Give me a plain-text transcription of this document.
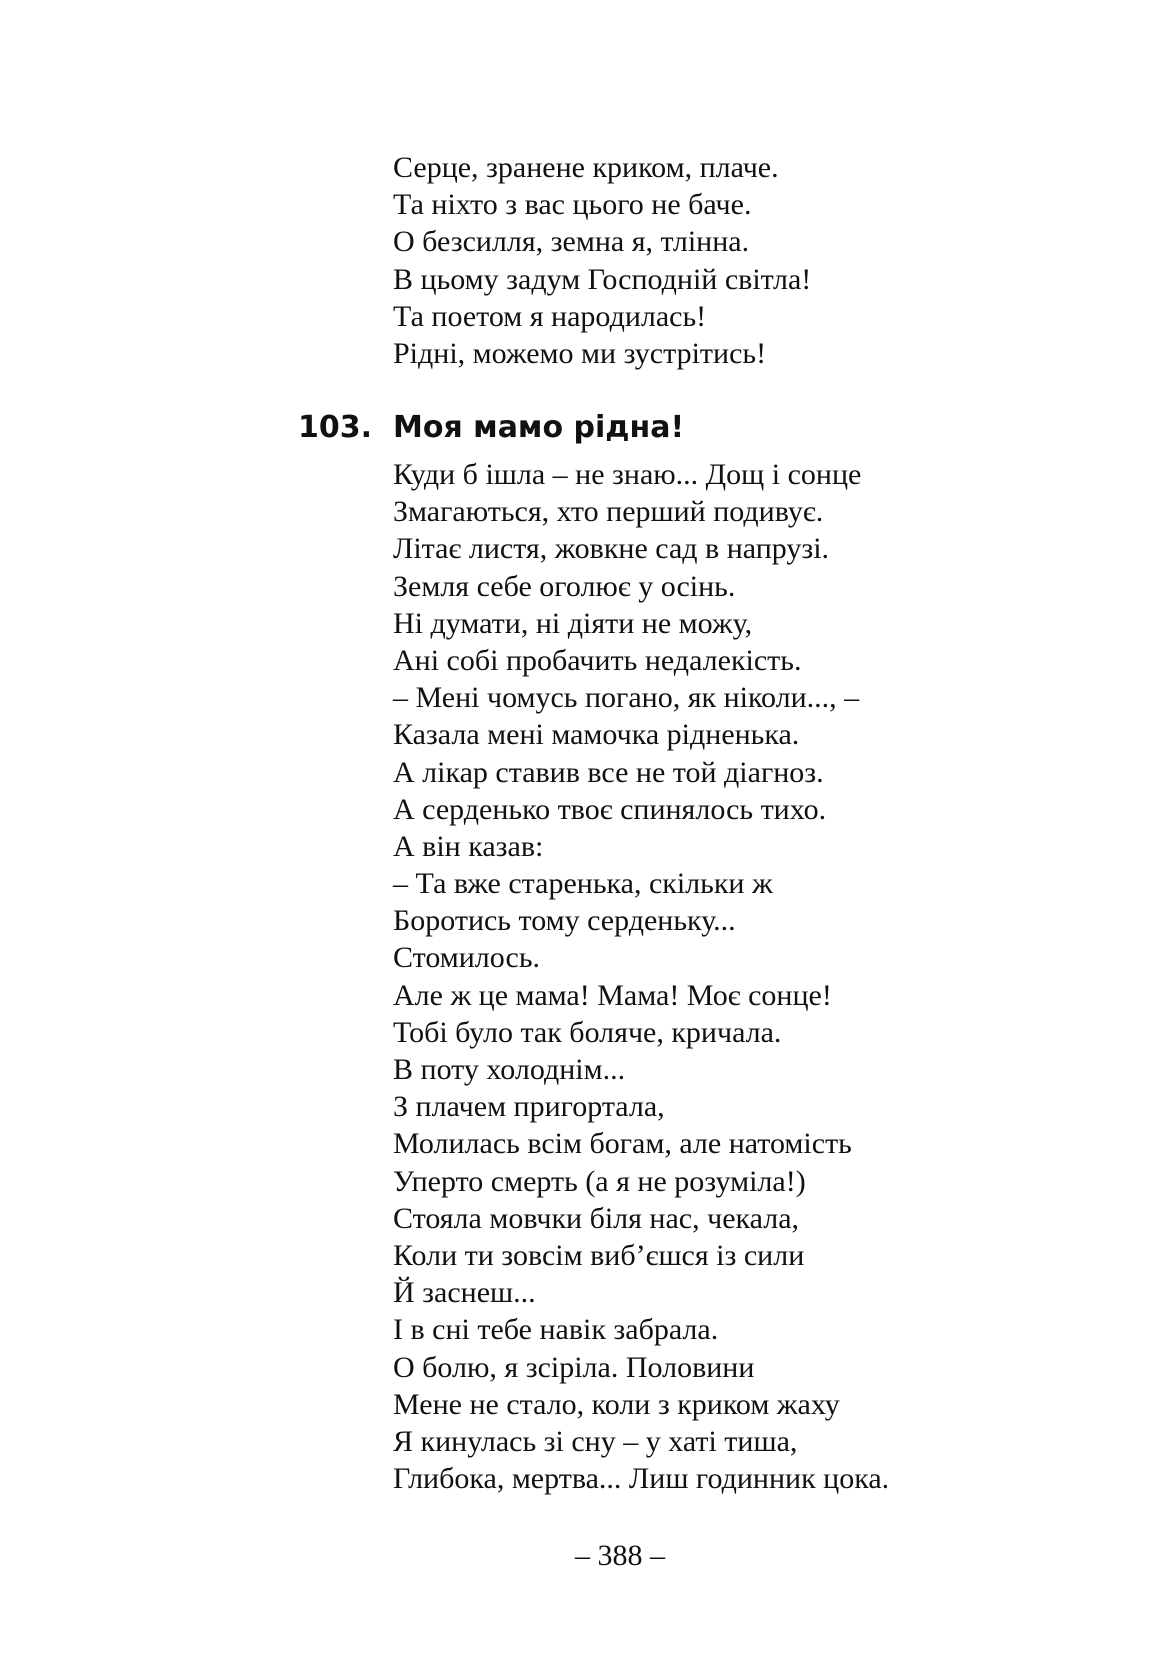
Серце, зранене криком, плаче.
Та ніхто з вас цього не баче.
О безсилля, земна я, тлінна.
В цьому задум Господній світла!
Та поетом я народилась!
Рідні, можемо ми зустрітись!
103. Моя мамо рідна!
Куди б ішла – не знаю... Дощ і сонце
Змагаються, хто перший подивує.
Літає листя, жовкне сад в напрузі.
Земля себе оголює у осінь.
Ні думати, ні діяти не можу,
Ані собі пробачить недалекість.
– Мені чомусь погано, як ніколи..., –
Казала мені мамочка рідненька.
А лікар ставив все не той діагноз.
А серденько твоє спинялось тихо.
А він казав:
– Та вже старенька, скільки ж
Боротись тому серденьку...
Стомилось.
Але ж це мама! Мама! Моє сонце!
Тобі було так боляче, кричала.
В поту холоднім...
З плачем пригортала,
Молилась всім богам, але натомість
Уперто смерть (а я не розуміла!)
Стояла мовчки біля нас, чекала,
Коли ти зовсім виб’єшся із сили
Й заснеш...
І в сні тебе навік забрала.
О болю, я зсіріла. Половини
Мене не стало, коли з криком жаху
Я кинулась зі сну – у хаті тиша,
Глибока, мертва... Лиш годинник цока.
– 388 –
